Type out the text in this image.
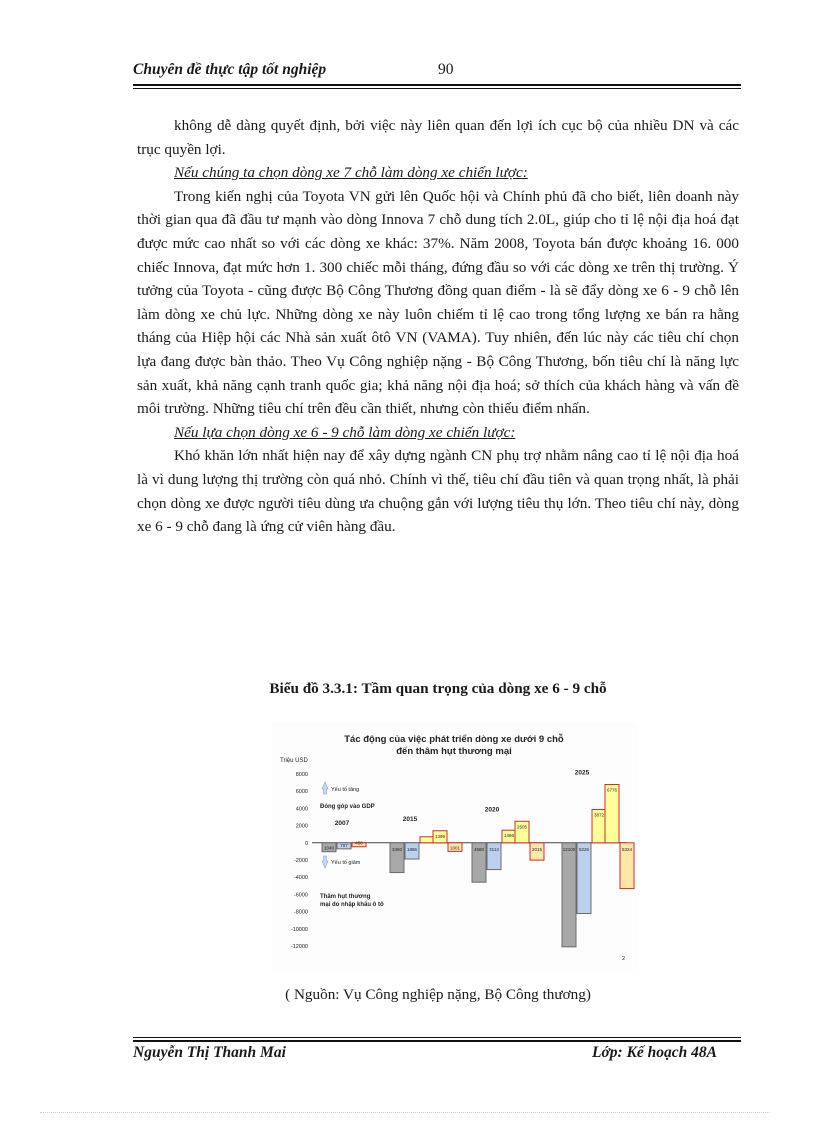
Chuyên đề thực tập tốt nghiệp	90

không dễ dàng quyết định, bởi việc này liên quan đến lợi ích cục bộ của nhiều DN và các trục quyền lợi.

Nếu chúng ta chọn dòng xe 7 chỗ làm dòng xe chiến lược:

Trong kiến nghị của Toyota VN gửi lên Quốc hội và Chính phủ đã cho biết, liên doanh này thời gian qua đã đầu tư mạnh vào dòng Innova 7 chỗ dung tích 2.0L, giúp cho tỉ lệ nội địa hoá đạt được mức cao nhất so với các dòng xe khác: 37%. Năm 2008, Toyota bán được khoảng 16. 000 chiếc Innova, đạt mức hơn 1. 300 chiếc mỗi tháng, đứng đầu so với các dòng xe trên thị trường. Ý tưởng của Toyota - cũng được Bộ Công Thương đồng quan điểm - là sẽ đẩy dòng xe 6 - 9 chỗ lên làm dòng xe chủ lực. Những dòng xe này luôn chiếm tỉ lệ cao trong tổng lượng xe bán ra hằng tháng của Hiệp hội các Nhà sản xuất ôtô VN (VAMA). Tuy nhiên, đến lúc này các tiêu chí chọn lựa đang được bàn thảo. Theo Vụ Công nghiệp nặng - Bộ Công Thương, bốn tiêu chí là năng lực sản xuất, khả năng cạnh tranh quốc gia; khả năng nội địa hoá; sở thích của khách hàng và vấn đề môi trường. Những tiêu chí trên đều cần thiết, nhưng còn thiếu điểm nhấn.

Nếu lựa chọn dòng xe 6 - 9 chỗ làm dòng xe chiến lược:

Khó khăn lớn nhất hiện nay để xây dựng ngành CN phụ trợ nhằm nâng cao tỉ lệ nội địa hoá là vì dung lượng thị trường còn quá nhỏ. Chính vì thế, tiêu chí đầu tiên và quan trọng nhất, là phải chọn dòng xe được người tiêu dùng ưa chuộng gắn với lượng tiêu thụ lớn. Theo tiêu chí này, dòng xe 6 - 9 chỗ đang là ứng cử viên hàng đầu.

Biểu đồ 3.3.1: Tầm quan trọng của dòng xe 6 - 9 chỗ
Tác động của việc phát triển dòng xe dưới 9 chỗ
đến thâm hụt thương mại
Triệu USD
8000
6000
4000
2000
0
-2000
-4000
-6000
-8000
-10000
-12000
Yếu tố tăng
Đóng góp vào GDP
Yếu tố giảm
Thâm hụt thương
mại do nhập khẩu ô tô
2
1040
707 458
2007
3460 1886
1399
1001
2015
4580 3114
1466
2505
2015
2020
12100 8226
3872
6776
5324
2025
( Nguồn: Vụ Công nghiệp nặng, Bộ Công thương)
Nguyễn Thị Thanh Mai	Lớp: Kế hoạch 48A
